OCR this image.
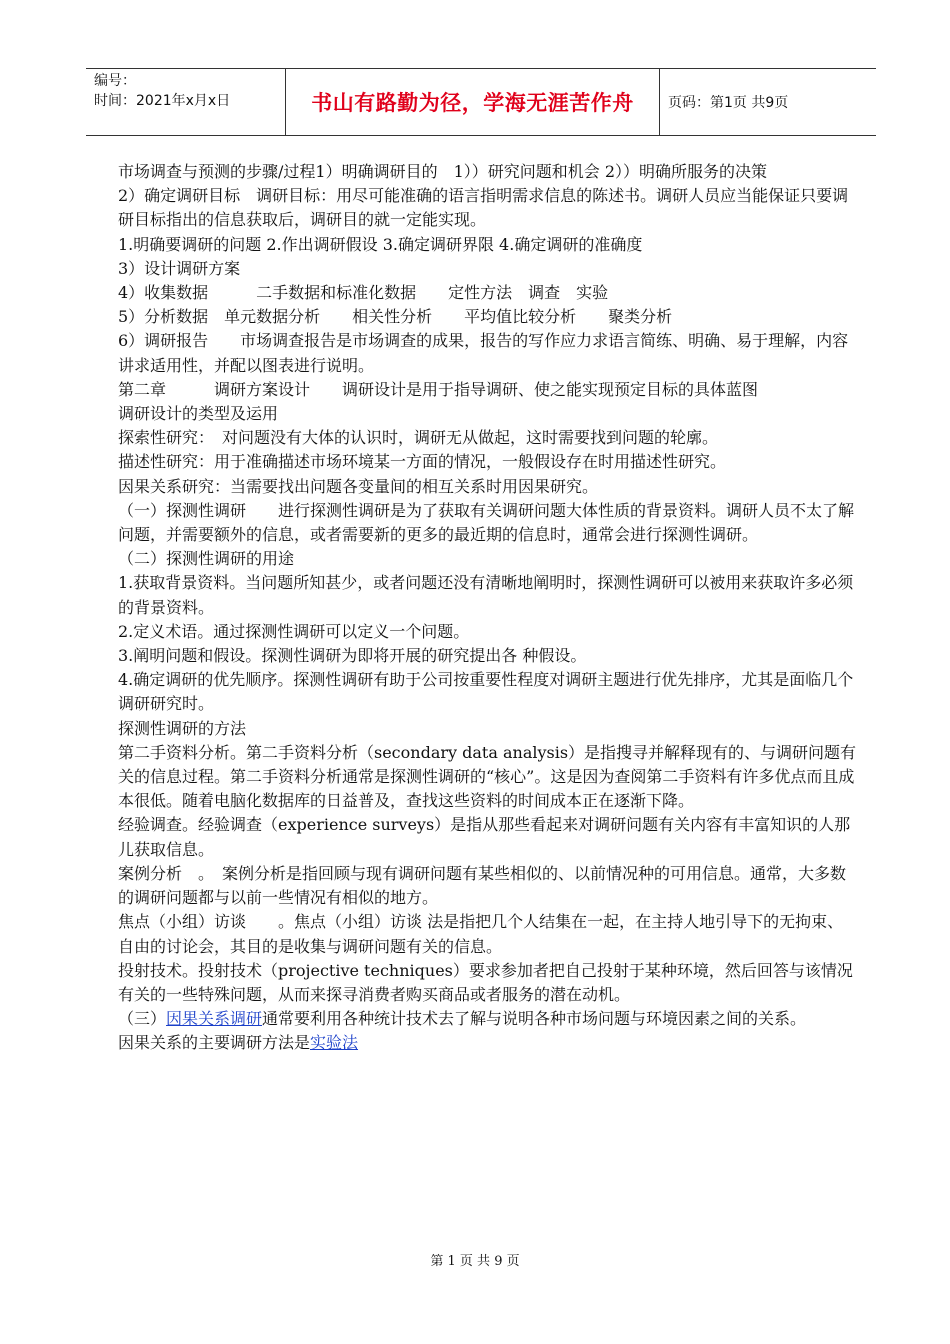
编号：
时间：2021年x月x日	书山有路勤为径，学海无涯苦作舟	页码：第1页 共9页

市场调查与预测的步骤/过程1）明确调研目的　1））研究问题和机会 2））明确所服务的决策

2）确定调研目标　调研目标：用尽可能准确的语言指明需求信息的陈述书。调研人员应当能保证只要调研目标指出的信息获取后，调研目的就一定能实现。

1.明确要调研的问题 2.作出调研假设 3.确定调研界限 4.确定调研的准确度

3）设计调研方案

4）收集数据　　　二手数据和标准化数据　　定性方法　调查　实验

5）分析数据　单元数据分析　　相关性分析　　平均值比较分析　　聚类分析

6）调研报告　　市场调查报告是市场调查的成果，报告的写作应力求语言简练、明确、易于理解，内容讲求适用性，并配以图表进行说明。

第二章　　　调研方案设计　　调研设计是用于指导调研、使之能实现预定目标的具体蓝图

调研设计的类型及运用

探索性研究：　对问题没有大体的认识时，调研无从做起，这时需要找到问题的轮廓。

描述性研究：用于准确描述市场环境某一方面的情况，一般假设存在时用描述性研究。

因果关系研究：当需要找出问题各变量间的相互关系时用因果研究。

（一）探测性调研　　进行探测性调研是为了获取有关调研问题大体性质的背景资料。调研人员不太了解问题，并需要额外的信息，或者需要新的更多的最近期的信息时，通常会进行探测性调研。

（二）探测性调研的用途

1.获取背景资料。当问题所知甚少，或者问题还没有清晰地阐明时，探测性调研可以被用来获取许多必须的背景资料。

2.定义术语。通过探测性调研可以定义一个问题。

3.阐明问题和假设。探测性调研为即将开展的研究提出各 种假设。

4.确定调研的优先顺序。探测性调研有助于公司按重要性程度对调研主题进行优先排序，尤其是面临几个调研研究时。

探测性调研的方法

第二手资料分析。第二手资料分析（secondary data analysis）是指搜寻并解释现有的、与调研问题有关的信息过程。第二手资料分析通常是探测性调研的“核心”。这是因为查阅第二手资料有许多优点而且成本很低。随着电脑化数据库的日益普及，查找这些资料的时间成本正在逐渐下降。

经验调查。经验调查（experience surveys）是指从那些看起来对调研问题有关内容有丰富知识的人那儿获取信息。

案例分析　。　案例分析是指回顾与现有调研问题有某些相似的、以前情况种的可用信息。通常，大多数的调研问题都与以前一些情况有相似的地方。

焦点（小组）访谈　　。焦点（小组）访谈 法是指把几个人结集在一起，在主持人地引导下的无拘束、自由的讨论会，其目的是收集与调研问题有关的信息。

投射技术。投射技术（projective techniques）要求参加者把自己投射于某种环境，然后回答与该情况有关的一些特殊问题，从而来探寻消费者购买商品或者服务的潜在动机。

（三）因果关系调研通常要利用各种统计技术去了解与说明各种市场问题与环境因素之间的关系。

因果关系的主要调研方法是实验法

第 1 页 共 9 页
